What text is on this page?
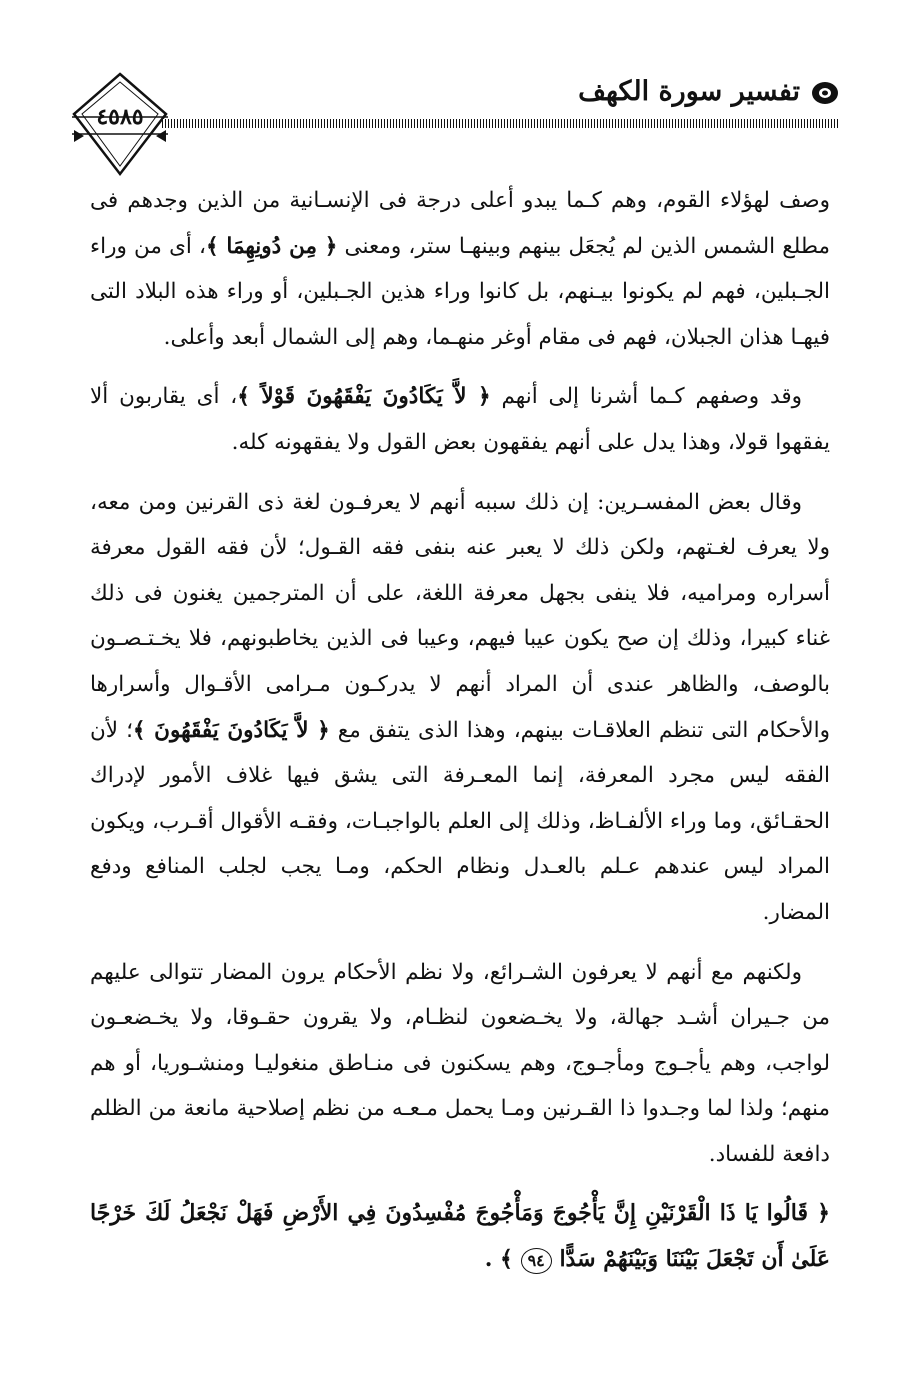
٤٥٨٥
تفسير سورة الكهف

وصف لهؤلاء القوم، وهم كـما يبدو أعلى درجة فى الإنسـانية من الذين وجدهم فى مطلع الشمس الذين لم يُجعَل بينهم وبينهـا ستر، ومعنى ﴿ مِن دُونِهِمَا ﴾، أى من وراء الجـبلين، فهم لم يكونوا بيـنهم، بل كانوا وراء هذين الجـبلين، أو وراء هذه البلاد التى فيهـا هذان الجبلان، فهم فى مقام أوغر منهـما، وهم إلى الشمال أبعد وأعلى.

وقد وصفهم كـما أشرنا إلى أنهم ﴿ لاَّ يَكَادُونَ يَفْقَهُونَ قَوْلاً ﴾، أى يقاربون ألا يفقهوا قولا، وهذا يدل على أنهم يفقهون بعض القول ولا يفقهونه كله.

وقال بعض المفسـرين: إن ذلك سببه أنهم لا يعرفـون لغة ذى القرنين ومن معه، ولا يعرف لغـتهم، ولكن ذلك لا يعبر عنه بنفى فقه القـول؛ لأن فقه القول معرفة أسراره ومراميه، فلا ينفى بجهل معرفة اللغة، على أن المترجمين يغنون فى ذلك غناء كبيرا، وذلك إن صح يكون عيبا فيهم، وعيبا فى الذين يخاطبونهم، فلا يخـتـصـون بالوصف، والظاهر عندى أن المراد أنهم لا يدركـون مـرامى الأقـوال وأسرارها والأحكام التى تنظم العلاقـات بينهم، وهذا الذى يتفق مع ﴿ لاَّ يَكَادُونَ يَفْقَهُونَ ﴾؛ لأن الفقه ليس مجرد المعرفة، إنما المعـرفة التى يشق فيها غلاف الأمور لإدراك الحقـائق، وما وراء الألفـاظ، وذلك إلى العلم بالواجبـات، وفقـه الأقوال أقـرب، ويكون المراد ليس عندهم عـلم بالعـدل ونظام الحكم، ومـا يجب لجلب المنافع ودفع المضار.

ولكنهم مع أنهم لا يعرفون الشـرائع، ولا نظم الأحكام يرون المضار تتوالى عليهم من جـيران أشـد جهالة، ولا يخـضعون لنظـام، ولا يقرون حقـوقا، ولا يخـضعـون لواجب، وهم يأجـوج ومأجـوج، وهم يسكنون فى منـاطق منغوليـا ومنشـوريا، أو هم منهم؛ ولذا لما وجـدوا ذا القـرنين ومـا يحمل مـعـه من نظم إصلاحية مانعة من الظلم دافعة للفساد.

﴿ قَالُوا يَا ذَا الْقَرْنَيْنِ إِنَّ يَأْجُوجَ وَمَأْجُوجَ مُفْسِدُونَ فِي الأَرْضِ فَهَلْ نَجْعَلُ لَكَ خَرْجًا عَلَىٰ أَن تَجْعَلَ بَيْنَنَا وَبَيْنَهُمْ سَدًّا ٩٤ ﴾ .
